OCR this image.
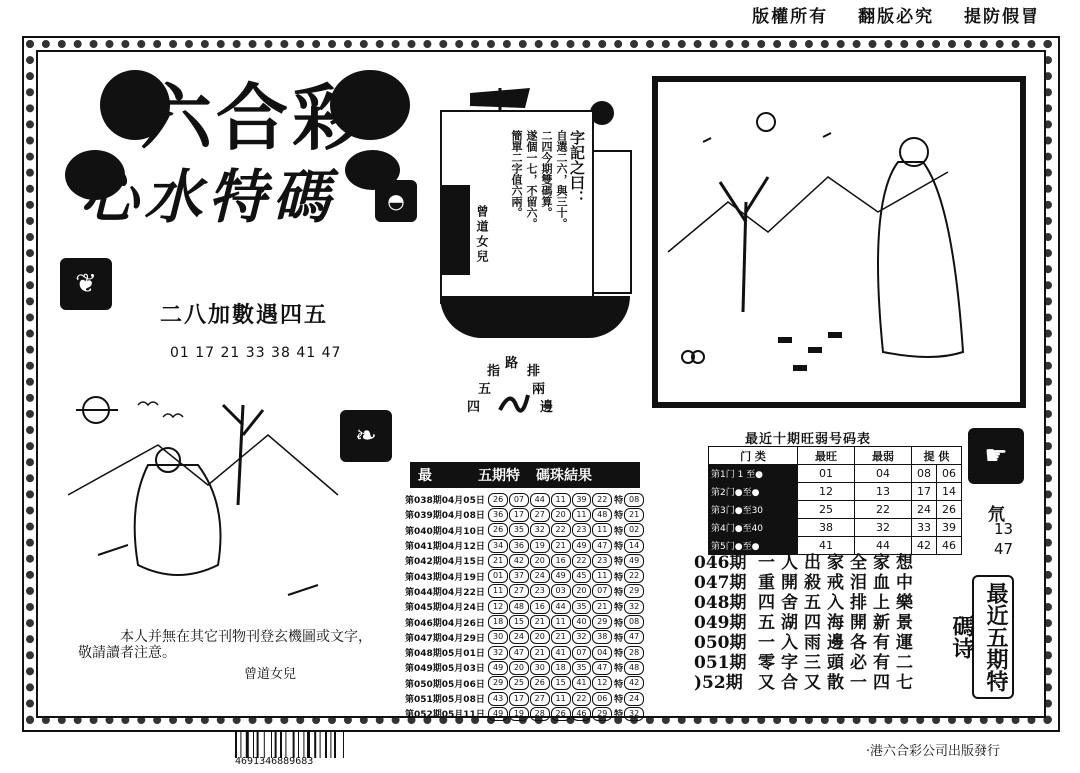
版權所有 翻版必究 提防假冒
六合彩
心水特碼	◓
❦
❧
二八加數遇四五
01 17 21 33 38 41 47
本人并無在其它刊物刊登玄機圖或文字，
敬請讀者注意。
曾道女兒
字記之曰：
自選二六，與三十。
二四今期雙碼算。
遂個一七，不留六。
簡單二字值六兩。
曾道女兒
路
指 排
五	兩
四	邊
最	五期特	碼珠結果
第038期04月05日	26	07	44	11	39	22 特 08
第039期04月08日	36	17	27	20	11	48 特 21
第040期04月10日	26	35	32	22	23	11 特 02
第041期04月12日	34	36	19	21	49	47 特 14
第042期04月15日	21	42	20	16	22	23 特 49
第043期04月19日	01	37	24	49	45	11 特 22
第044期04月22日	11	27	23	03	20	07 特 29
第045期04月24日	12	48	16	44	35	21 特 32
第046期04月26日	18	15	21	11	40	29 特 08
第047期04月29日	30	24	20	21	32	38 特 47
第048期05月01日	32	47	21	41	07	04 特 28
第049期05月03日	49	20	30	18	35	47 特 48
第050期05月06日	29	25	26	15	41	12 特 42
第051期05月08日	43	17	27	11	22	06 特 24
第052期05月11日	49	19	28	26	46	29 特 32
最近十期旺弱号码表
门 类	最旺	最弱	提 供	
第1门 1 至●	01	04	08	06
第2门●至●	12	13	17	14
第3门●至30	25	22	24	26
第4门●至40	38	32	33	39
第5门●至●	41	44	42	46
046期 一人出家全家想
047期 重開殺戒泪血中
048期 四舍五入排上樂
049期 五湖四海開新景
050期 一入雨邊各有運
051期 零字三頭必有二
)52期 又合又散一四七
☛
氘
13
47
最近五期特碼诗
4691346889683
·港六合彩公司出版發行
